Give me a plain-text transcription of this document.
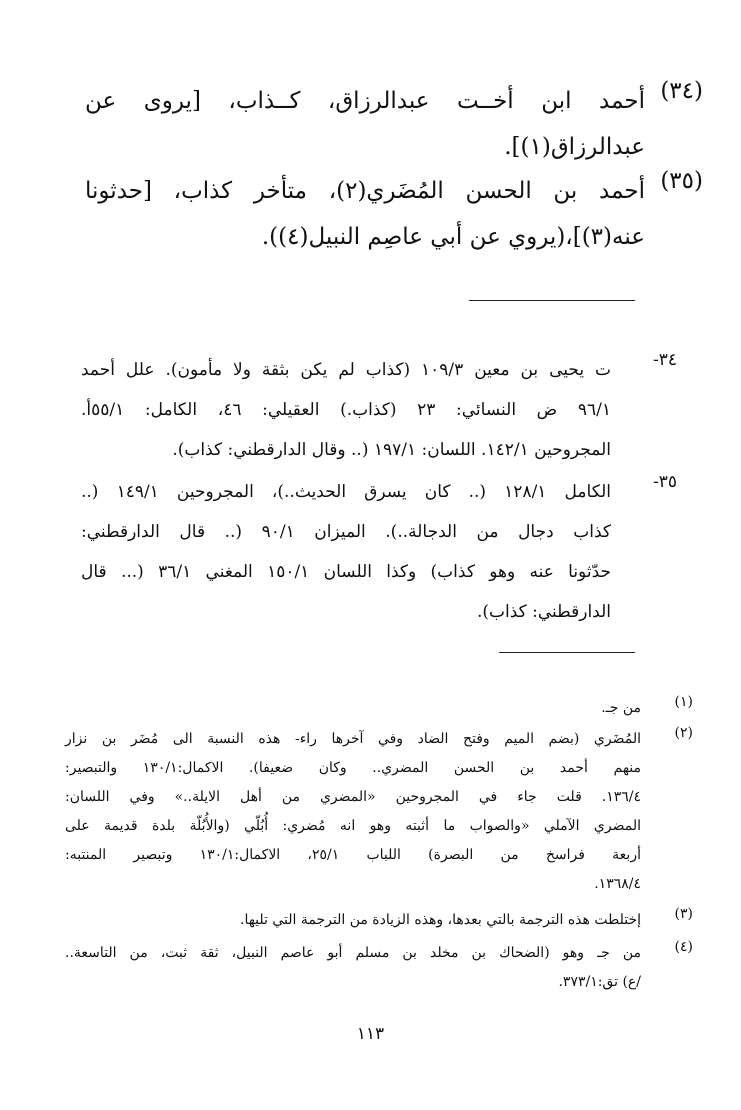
(٣٤)
أحمد ابن أخــت عبدالرزاق، كــذاب، [يروى عن
عبدالرزاق(١)].
(٣٥)
أحمد بن الحسن المُضَري(٢)، متأخر كذاب، [حدثونا
عنه(٣)]،(يروي عن أبي عاصِم النبيل(٤)).
٣٤-
ت يحيى بن معين ١٠٩/٣ (كذاب لم يكن بثقة ولا مأمون). علل أحمد
٩٦/١ ض النسائي: ٢٣ (كذاب.) العقيلي: ٤٦، الكامل: ٥٥/١أ.
المجروحين ١٤٢/١. اللسان: ١٩٧/١ (.. وقال الدارقطني: كذاب).
٣٥-
الكامل ١٢٨/١ (.. كان يسرق الحديث..)، المجروحين ١٤٩/١ (..
كذاب دجال من الدجالة..). الميزان ٩٠/١ (.. قال الدارقطني:
حدّثونا عنه وهو كذاب) وكذا اللسان ١٥٠/١ المغني ٣٦/١ (... قال
الدارقطني: كذاب).
(١)
من جـ.
(٢)
المُضَري (بضم الميم وفتح الضاد وفي آخرها راء- هذه النسبة الى مُضَر بن نزار
منهم أحمد بن الحسن المضري.. وكان ضعيفا). الاكمال:١٣٠/١ والتبصير:
١٣٦/٤. قلت جاء في المجروحين «المضري من أهل الايلة..» وفي اللسان:
المضري الآملي «والصواب ما أثبته وهو انه مُضري: أُبُلّي (والأُبُلّة بلدة قديمة على
أربعة فراسخ من البصرة) اللباب ٢٥/١، الاكمال:١٣٠/١ وتبصير المنتبه:
١٣٦٨/٤.
(٣)
إختلطت هذه الترجمة بالتي بعدها، وهذه الزيادة من الترجمة التي تليها.
(٤)
من جـ وهو (الضحاك بن مخلد بن مسلم أبو عاصم النبيل، ثقة ثبت، من التاسعة..
/ع) تق:٣٧٣/١.
١١٣
